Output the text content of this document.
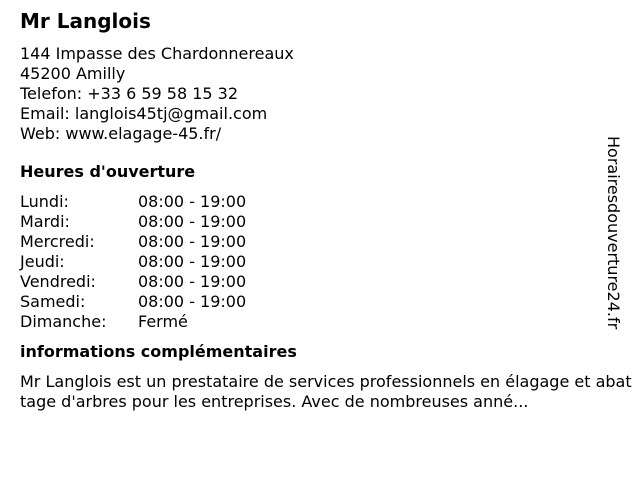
Mr Langlois
144 Impasse des Chardonnereaux
45200 Amilly
Telefon: +33 6 59 58 15 32
Email: langlois45tj@gmail.com
Web: www.elagage-45.fr/
Heures d'ouverture
Lundi:	08:00 - 19:00
Mardi:	08:00 - 19:00
Mercredi:	08:00 - 19:00
Jeudi:	08:00 - 19:00
Vendredi:	08:00 - 19:00
Samedi:	08:00 - 19:00
Dimanche:	Fermé
informations complémentaires
Mr Langlois est un prestataire de services professionnels en élagage et abattage d'arbres pour les entreprises. Avec de nombreuses anné...
Horairesdouverture24.fr
